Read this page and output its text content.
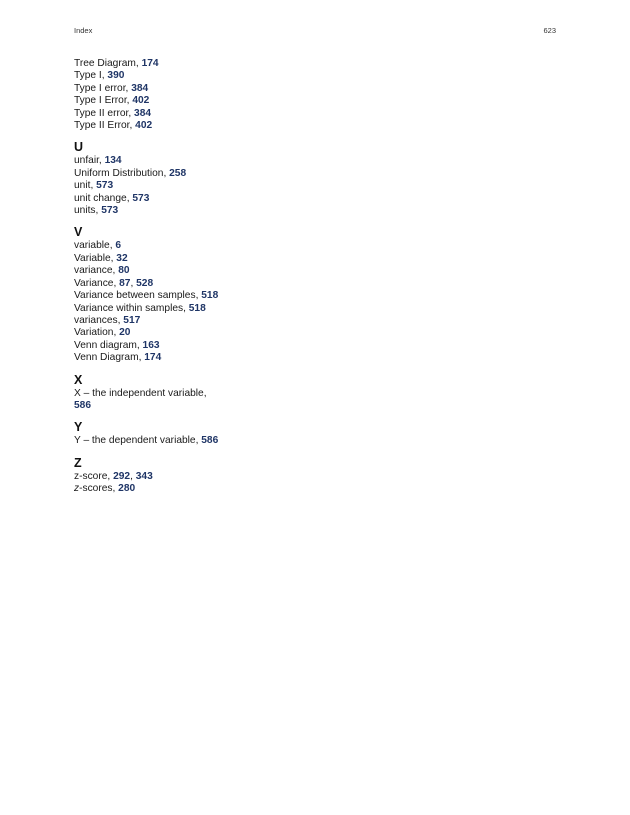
Index	623
Tree Diagram, 174
Type I, 390
Type I error, 384
Type I Error, 402
Type II error, 384
Type II Error, 402
U
unfair, 134
Uniform Distribution, 258
unit, 573
unit change, 573
units, 573
V
variable, 6
Variable, 32
variance, 80
Variance, 87, 528
Variance between samples, 518
Variance within samples, 518
variances, 517
Variation, 20
Venn diagram, 163
Venn Diagram, 174
X
X – the independent variable, 586
Y
Y – the dependent variable, 586
Z
z-score, 292, 343
z-scores, 280
